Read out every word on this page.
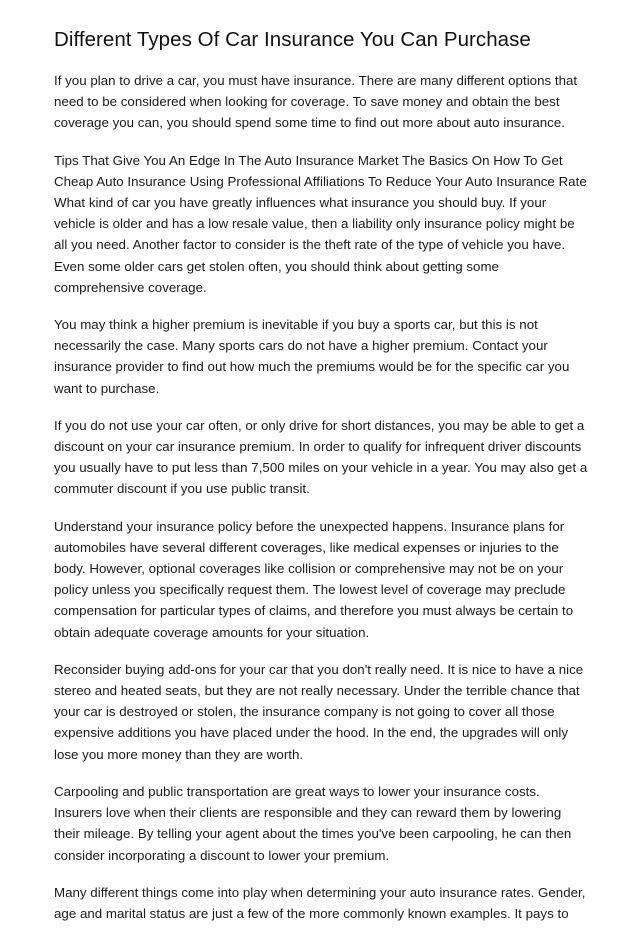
Different Types Of Car Insurance You Can Purchase

If you plan to drive a car, you must have insurance. There are many different options that need to be considered when looking for coverage. To save money and obtain the best coverage you can, you should spend some time to find out more about auto insurance.

Tips That Give You An Edge In The Auto Insurance Market The Basics On How To Get Cheap Auto Insurance Using Professional Affiliations To Reduce Your Auto Insurance Rate What kind of car you have greatly influences what insurance you should buy. If your vehicle is older and has a low resale value, then a liability only insurance policy might be all you need. Another factor to consider is the theft rate of the type of vehicle you have. Even some older cars get stolen often, you should think about getting some comprehensive coverage.

You may think a higher premium is inevitable if you buy a sports car, but this is not necessarily the case. Many sports cars do not have a higher premium. Contact your insurance provider to find out how much the premiums would be for the specific car you want to purchase.

If you do not use your car often, or only drive for short distances, you may be able to get a discount on your car insurance premium. In order to qualify for infrequent driver discounts you usually have to put less than 7,500 miles on your vehicle in a year. You may also get a commuter discount if you use public transit.

Understand your insurance policy before the unexpected happens. Insurance plans for automobiles have several different coverages, like medical expenses or injuries to the body. However, optional coverages like collision or comprehensive may not be on your policy unless you specifically request them. The lowest level of coverage may preclude compensation for particular types of claims, and therefore you must always be certain to obtain adequate coverage amounts for your situation.

Reconsider buying add-ons for your car that you don't really need. It is nice to have a nice stereo and heated seats, but they are not really necessary. Under the terrible chance that your car is destroyed or stolen, the insurance company is not going to cover all those expensive additions you have placed under the hood. In the end, the upgrades will only lose you more money than they are worth.

Carpooling and public transportation are great ways to lower your insurance costs. Insurers love when their clients are responsible and they can reward them by lowering their mileage. By telling your agent about the times you've been carpooling, he can then consider incorporating a discount to lower your premium.

Many different things come into play when determining your auto insurance rates. Gender, age and marital status are just a few of the more commonly known examples. It pays to
